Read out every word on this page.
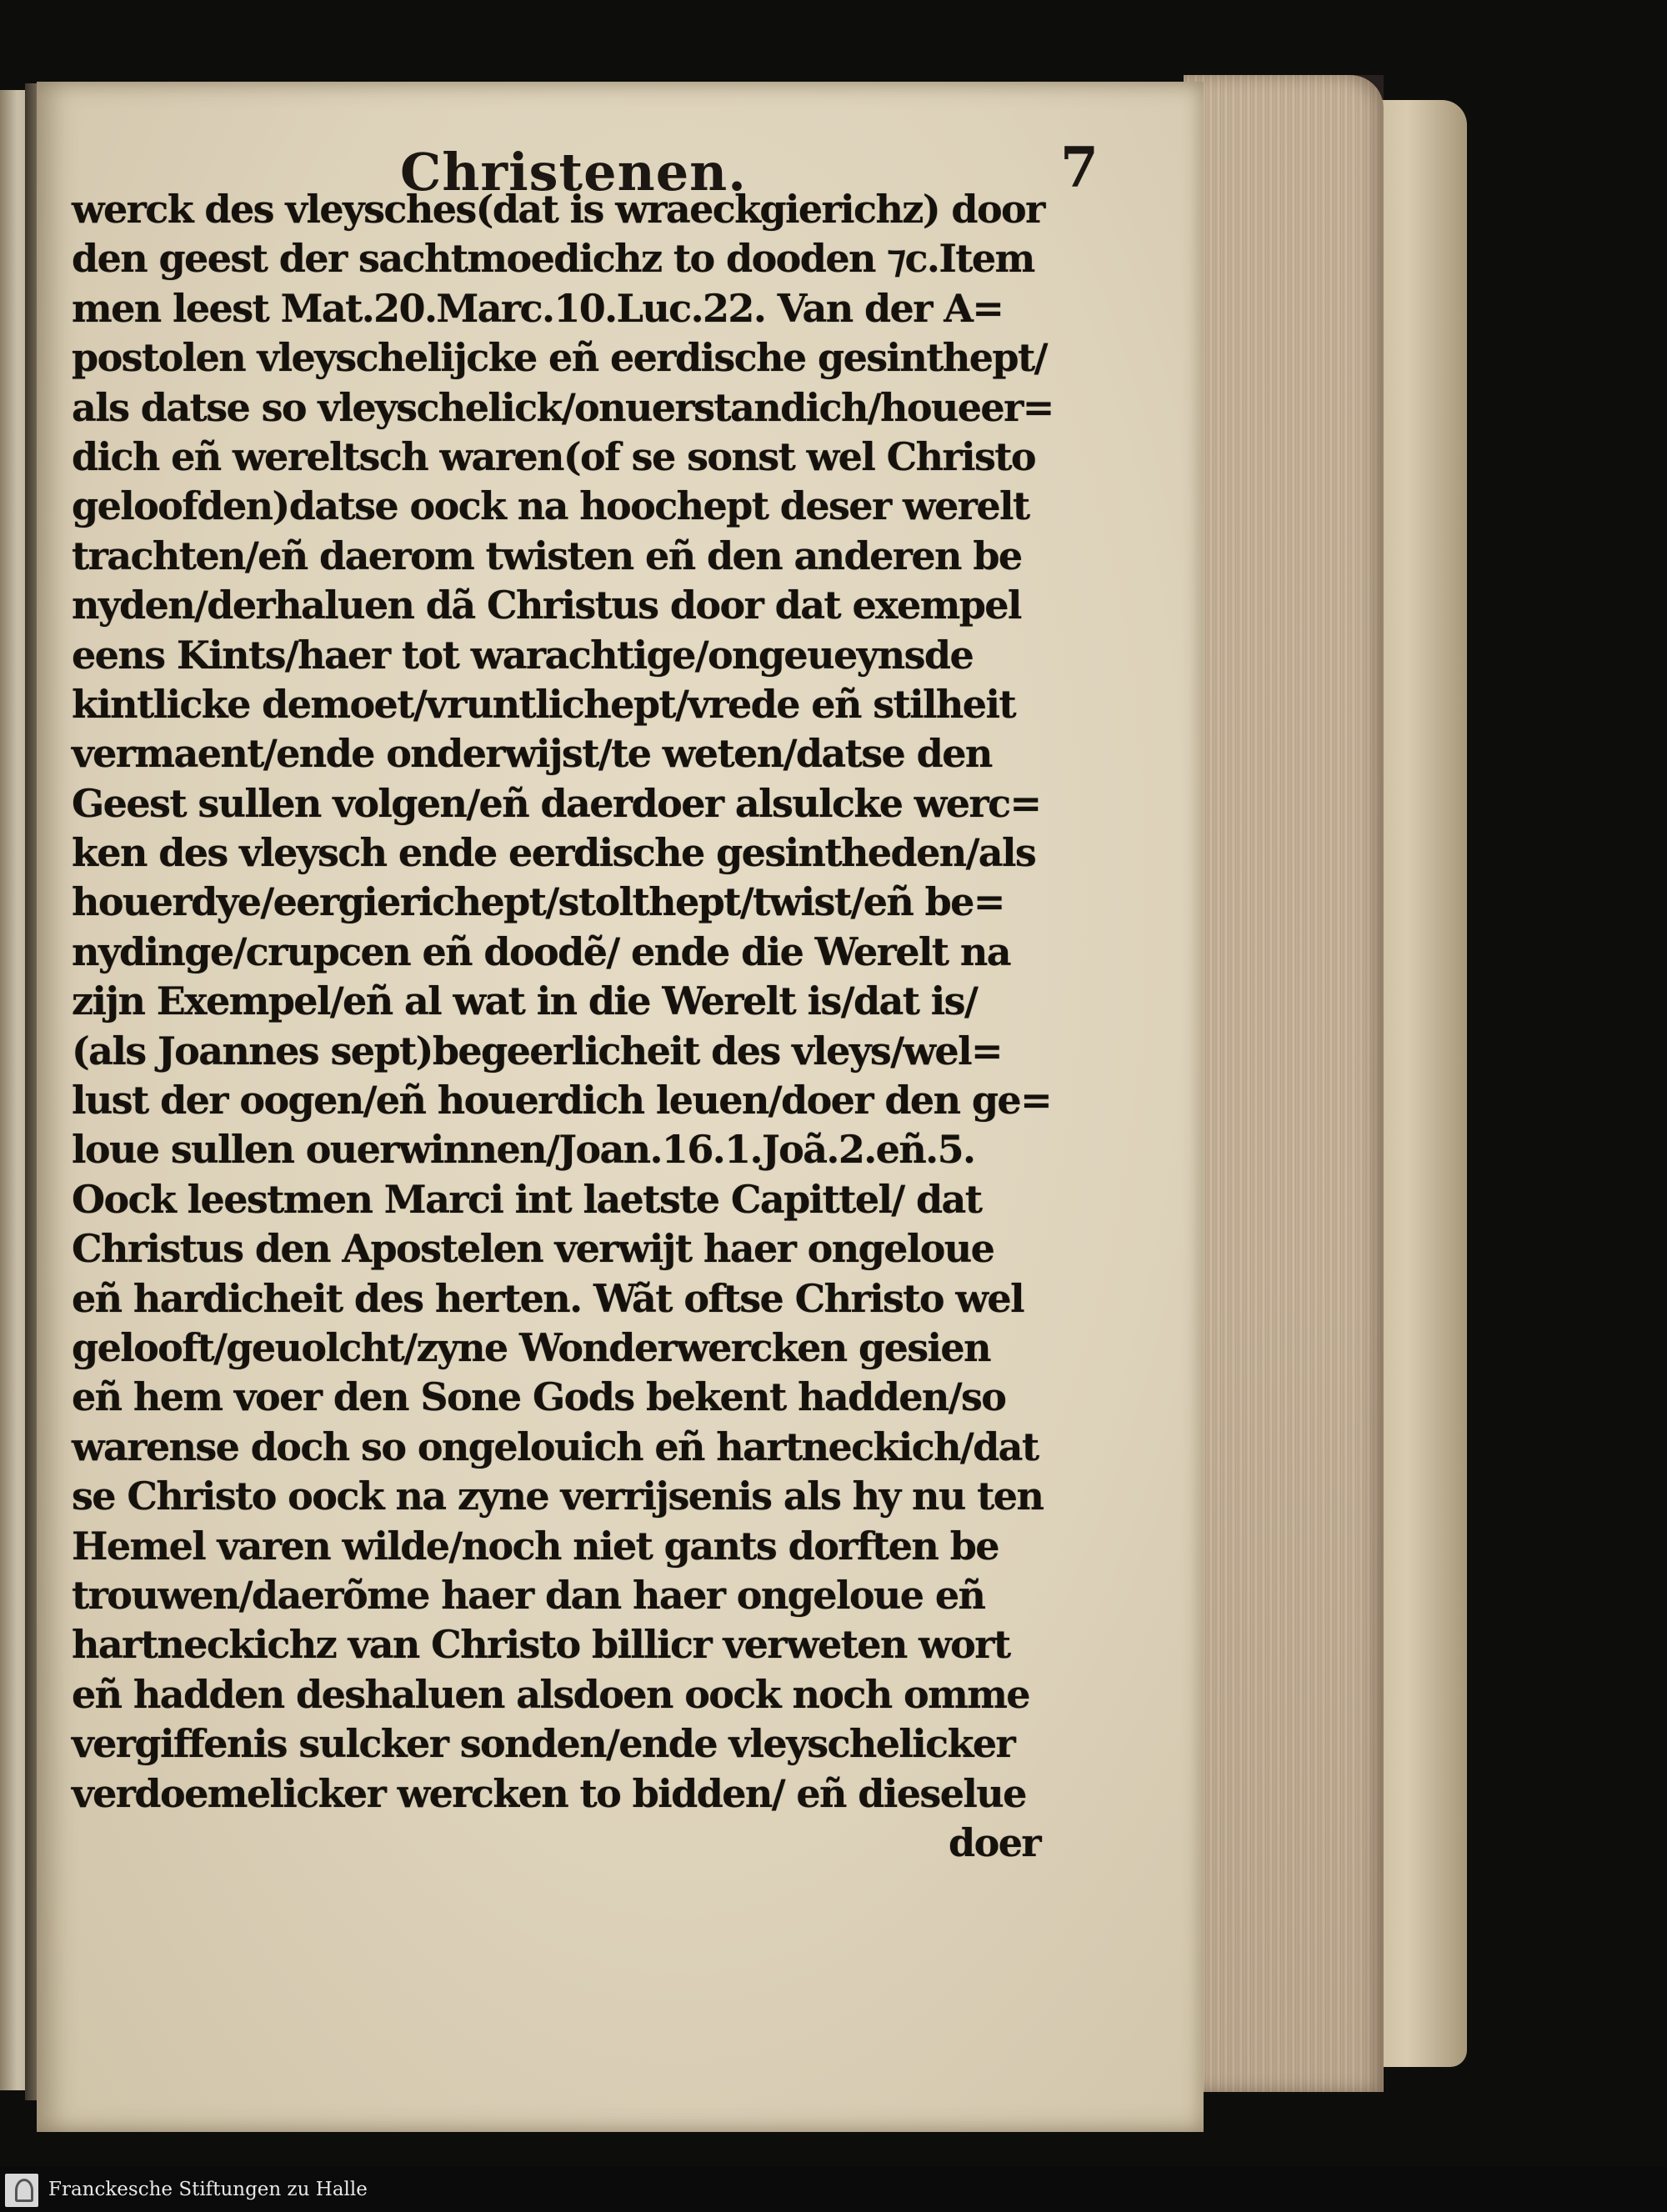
Christenen.	7
werck des vleysches(dat is wraeckgierichz) door
den geest der sachtmoedichz to dooden ⁊c.Item
men leest Mat.20.Marc.10.Luc.22. Van der A=
postolen vleyschelijcke eñ eerdische gesinthept/
als datse so vleyschelick/onuerstandich/houeer=
dich eñ wereltsch waren(of se sonst wel Christo
geloofden)datse oock na hoochept deser werelt
trachten/eñ daerom twisten eñ den anderen be
nyden/derhaluen dã Christus door dat exempel
eens Kints/haer tot warachtige/ongeueynsde
kintlicke demoet/vruntlichept/vrede eñ stilheit
vermaent/ende onderwijst/te weten/datse den
Geest sullen volgen/eñ daerdoer alsulcke werc=
ken des vleysch ende eerdische gesintheden/als
houerdye/eergierichept/stolthept/twist/eñ be=
nydinge/crupcen eñ doodẽ/ ende die Werelt na
zijn Exempel/eñ al wat in die Werelt is/dat is/
(als Joannes sept)begeerlicheit des vleys/wel=
lust der oogen/eñ houerdich leuen/doer den ge=
loue sullen ouerwinnen/Joan.16.1.Joã.2.eñ.5.
Oock leestmen Marci int laetste Capittel/ dat
Christus den Apostelen verwijt haer ongeloue
eñ hardicheit des herten. Wãt oftse Christo wel
gelooft/geuolcht/zyne Wonderwercken gesien
eñ hem voer den Sone Gods bekent hadden/so
warense doch so ongelouich eñ hartneckich/dat
se Christo oock na zyne verrijsenis als hy nu ten
Hemel varen wilde/noch niet gants dorften be
trouwen/daerõme haer dan haer ongeloue eñ
hartneckichz van Christo billicr verweten wort
eñ hadden deshaluen alsdoen oock noch omme
vergiffenis sulcker sonden/ende vleyschelicker
verdoemelicker wercken to bidden/ eñ dieselue
doer
Franckesche Stiftungen zu Halle
